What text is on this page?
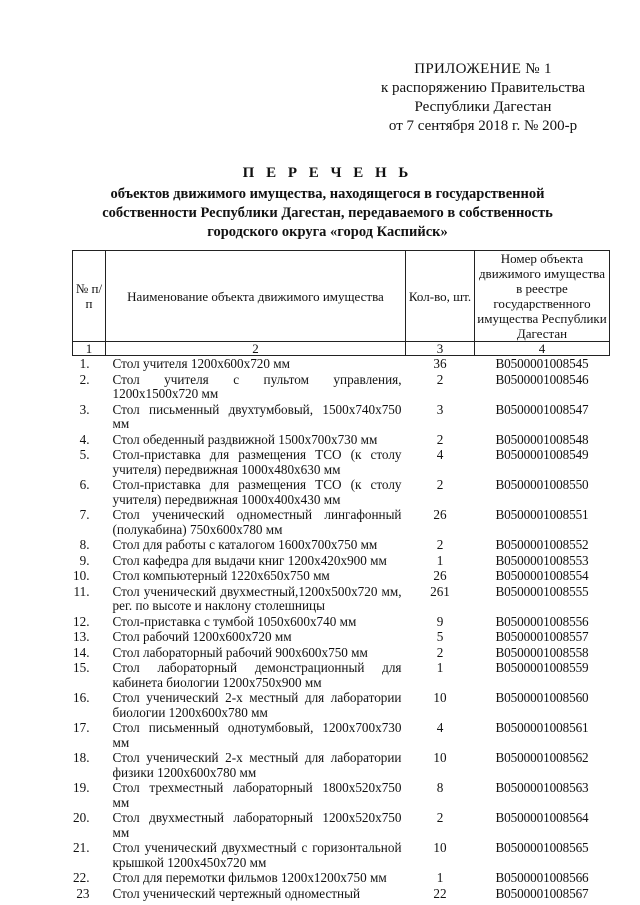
ПРИЛОЖЕНИЕ № 1
к распоряжению Правительства
Республики Дагестан
от 7 сентября 2018 г. № 200-р
П Е Р Е Ч Е Н Ь
объектов движимого имущества, находящегося в государственной
собственности Республики Дагестан, передаваемого в собственность
городского округа «город Каспийск»
№ п/п	Наименование объекта движимого имущества	Кол-во, шт.	Номер объекта движимого имущества в реестре государственного имущества Республики Дагестан
1	2	3	4
1.	Стол учителя 1200х600х720 мм	36	B0500001008545
2.	Стол учителя с пультом управления, 1200х1500х720 мм	2	B0500001008546
3.	Стол письменный двухтумбовый, 1500х740х750 мм	3	B0500001008547
4.	Стол обеденный раздвижной 1500х700х730 мм	2	B0500001008548
5.	Стол-приставка для размещения ТСО (к столу учителя) передвижная 1000х480х630 мм	4	B0500001008549
6.	Стол-приставка для размещения ТСО (к столу учителя) передвижная 1000х400х430 мм	2	B0500001008550
7.	Стол ученический одноместный лингафонный (полукабина) 750х600х780 мм	26	B0500001008551
8.	Стол для работы с каталогом 1600х700х750 мм	2	B0500001008552
9.	Стол кафедра для выдачи книг 1200х420х900 мм	1	B0500001008553
10.	Стол компьютерный 1220х650х750 мм	26	B0500001008554
11.	Стол ученический двухместный,1200х500х720 мм, рег. по высоте и наклону столешницы	261	B0500001008555
12.	Стол-приставка с тумбой 1050х600х740 мм	9	B0500001008556
13.	Стол рабочий 1200х600х720 мм	5	B0500001008557
14.	Стол лабораторный рабочий 900х600х750 мм	2	B0500001008558
15.	Стол лабораторный демонстрационный для кабинета биологии 1200х750х900 мм	1	B0500001008559
16.	Стол ученический 2-х местный для лаборатории биологии 1200х600х780 мм	10	B0500001008560
17.	Стол письменный однотумбовый, 1200х700х730 мм	4	B0500001008561
18.	Стол ученический 2-х местный для лаборатории физики 1200х600х780 мм	10	B0500001008562
19.	Стол трехместный лабораторный 1800х520х750 мм	8	B0500001008563
20.	Стол двухместный лабораторный 1200х520х750 мм	2	B0500001008564
21.	Стол ученический двухместный с горизонтальной крышкой 1200х450х720 мм	10	B0500001008565
22.	Стол для перемотки фильмов 1200х1200х750 мм	1	B0500001008566
23	Стол ученический чертежный одноместный	22	B0500001008567
